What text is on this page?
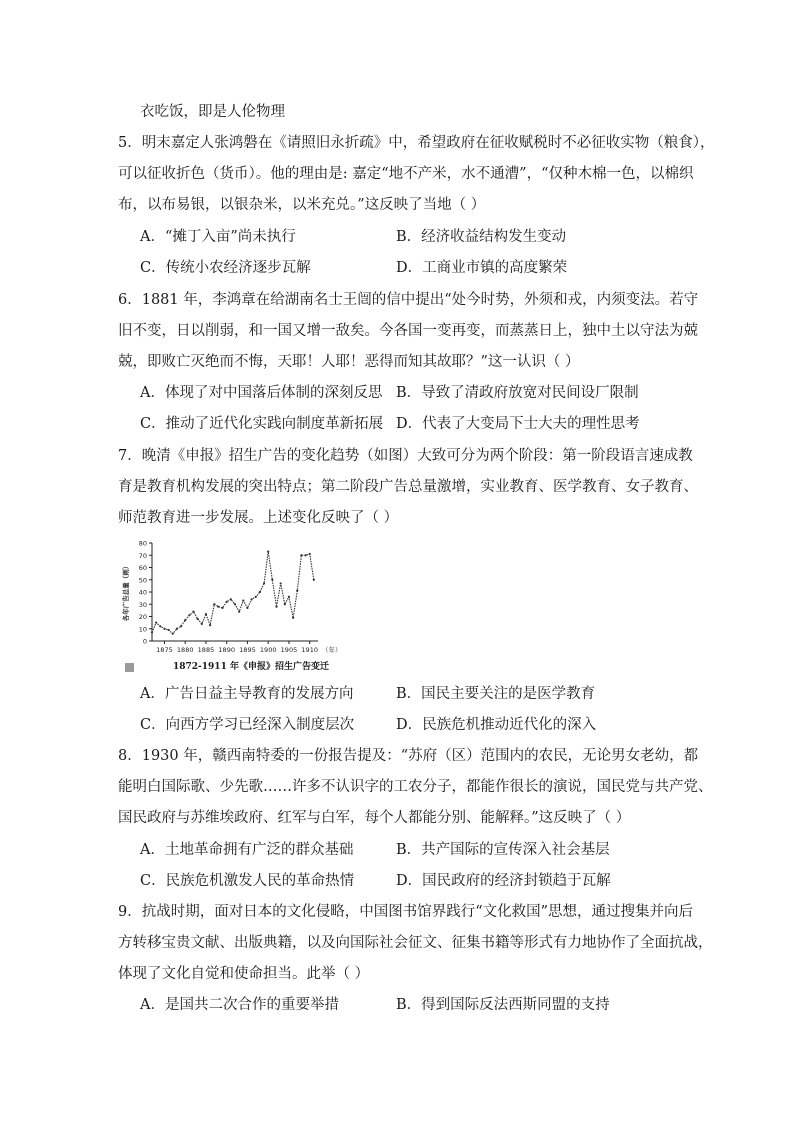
衣吃饭，即是人伦物理
5．明末嘉定人张鸿磐在《请照旧永折疏》中，希望政府在征收赋税时不必征收实物（粮食），
可以征收折色（货币）。他的理由是: 嘉定“地不产米，水不通漕”，“仅种木棉一色，以棉织
布，以布易银，以银杂米，以米充兑。”这反映了当地（ ）
A．“摊丁入亩”尚未执行	B．经济收益结构发生变动
C．传统小农经济逐步瓦解	D．工商业市镇的高度繁荣
6．1881 年，李鸿章在给湖南名士王闿的信中提出“处今时势，外须和戎，内须变法。若守
旧不变，日以削弱，和一国又增一敌矣。今各国一变再变，而蒸蒸日上，独中土以守法为兢
兢，即败亡灭绝而不悔，天耶！人耶！恶得而知其故耶？”这一认识（ ）
A．体现了对中国落后体制的深刻反思 B．导致了清政府放宽对民间设厂限制
C．推动了近代化实践向制度革新拓展 D．代表了大变局下士大夫的理性思考
7．晚清《申报》招生广告的变化趋势（如图）大致可分为两个阶段：第一阶段语言速成教
育是教育机构发展的突出特点；第二阶段广告总量激增，实业教育、医学教育、女子教育、
师范教育进一步发展。上述变化反映了（ ）
0
10
20
30
40
50
60
70
80
1875 1880 1885 1890 1895 1900 1905 1910 （年）
各年广告总量（则）
1872-1911 年《申报》招生广告变迁
A．广告日益主导教育的发展方向	B．国民主要关注的是医学教育
C．向西方学习已经深入制度层次	D．民族危机推动近代化的深入
8．1930 年，赣西南特委的一份报告提及：“苏府（区）范围内的农民，无论男女老幼，都
能明白国际歌、少先歌……许多不认识字的工农分子，都能作很长的演说，国民党与共产党、
国民政府与苏维埃政府、红军与白军，每个人都能分别、能解释。”这反映了（ ）
A．土地革命拥有广泛的群众基础	B．共产国际的宣传深入社会基层
C．民族危机激发人民的革命热情	D．国民政府的经济封锁趋于瓦解
9．抗战时期，面对日本的文化侵略，中国图书馆界践行“文化救国”思想，通过搜集并向后
方转移宝贵文献、出版典籍，以及向国际社会征文、征集书籍等形式有力地协作了全面抗战，
体现了文化自觉和使命担当。此举（ ）
A．是国共二次合作的重要举措	B．得到国际反法西斯同盟的支持
